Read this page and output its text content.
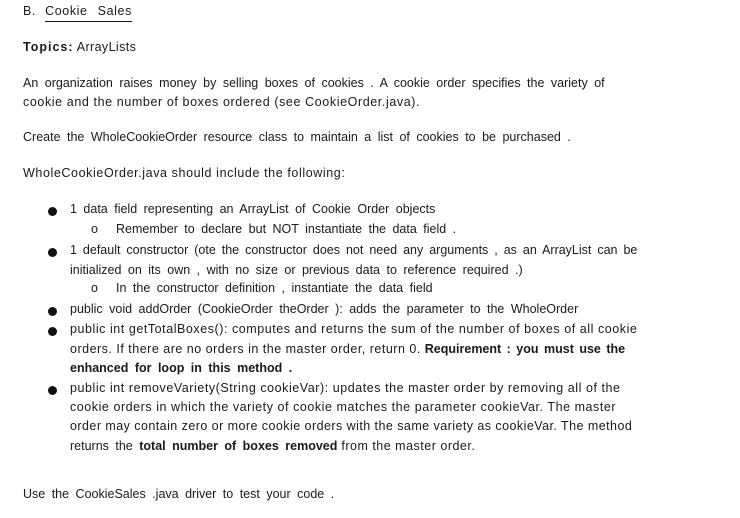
B. Cookie Sales
Topics: ArrayLists
An organization raises money by selling boxes of cookies . A cookie order specifies the variety of
cookie and the number of boxes ordered (see CookieOrder.java).
Create the WholeCookieOrder resource class to maintain a list of cookies to be purchased .
WholeCookieOrder.java should include the following:
1 data field representing an ArrayList of Cookie Order objects
o Remember to declare but NOT instantiate the data field .
1 default constructor (ote the constructor does not need any arguments , as an ArrayList can be
initialized on its own , with no size or previous data to reference required .)
o In the constructor definition , instantiate the data field
public void addOrder (CookieOrder theOrder ): adds the parameter to the WholeOrder
public int getTotalBoxes(): computes and returns the sum of the number of boxes of all cookie
orders. If there are no orders in the master order, return 0. Requirement : you must use the
enhanced for loop in this method .
public int removeVariety(String cookieVar): updates the master order by removing all of the
cookie orders in which the variety of cookie matches the parameter cookieVar. The master
order may contain zero or more cookie orders with the same variety as cookieVar. The method
returns the total number of boxes removed from the master order.
Use the CookieSales .java driver to test your code .
